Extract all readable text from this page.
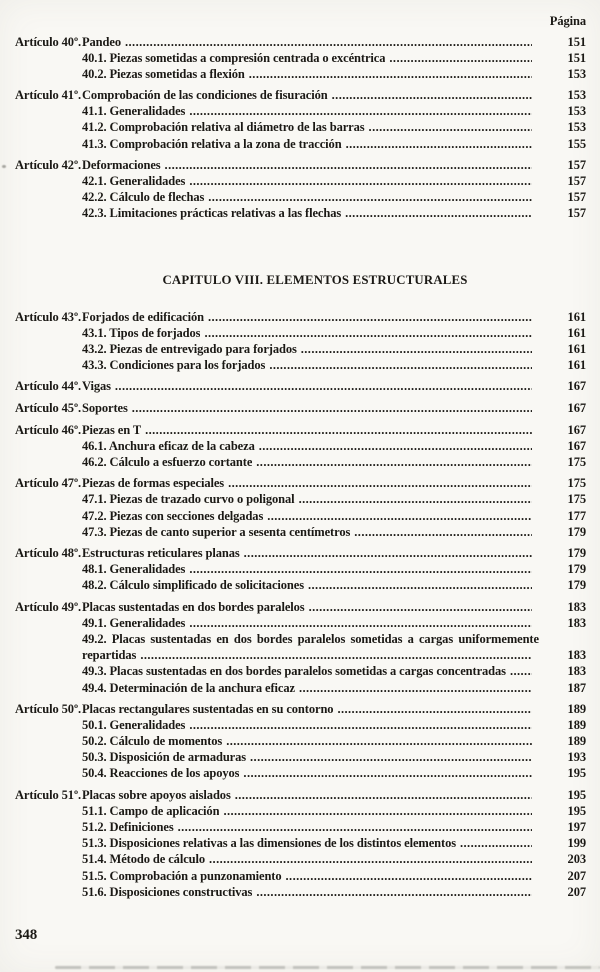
Página
Artículo 40º. Pandeo .....	151
40.1. Piezas sometidas a compresión centrada o excéntrica .....	151
40.2. Piezas sometidas a flexión .....	153
Artículo 41º. Comprobación de las condiciones de fisuración .....	153
41.1. Generalidades .....	153
41.2. Comprobación relativa al diámetro de las barras .....	153
41.3. Comprobación relativa a la zona de tracción .....	155
Artículo 42º. Deformaciones .....	157
42.1. Generalidades .....	157
42.2. Cálculo de flechas .....	157
42.3. Limitaciones prácticas relativas a las flechas .....	157
CAPITULO VIII. ELEMENTOS ESTRUCTURALES
Artículo 43º. Forjados de edificación .....	161
43.1. Tipos de forjados .....	161
43.2. Piezas de entrevigado para forjados .....	161
43.3. Condiciones para los forjados .....	161
Artículo 44º. Vigas .....	167
Artículo 45º. Soportes .....	167
Artículo 46º. Piezas en T .....	167
46.1. Anchura eficaz de la cabeza .....	167
46.2. Cálculo a esfuerzo cortante .....	175
Artículo 47º. Piezas de formas especiales .....	175
47.1. Piezas de trazado curvo o poligonal .....	175
47.2. Piezas con secciones delgadas .....	177
47.3. Piezas de canto superior a sesenta centímetros .....	179
Artículo 48º. Estructuras reticulares planas .....	179
48.1. Generalidades .....	179
48.2. Cálculo simplificado de solicitaciones .....	179
Artículo 49º. Placas sustentadas en dos bordes paralelos .....	183
49.1. Generalidades .....	183
49.2. Placas sustentadas en dos bordes paralelos sometidas a cargas uniformemente
repartidas .....	183
49.3. Placas sustentadas en dos bordes paralelos sometidas a cargas concentradas .....	183
49.4. Determinación de la anchura eficaz .....	187
Artículo 50º. Placas rectangulares sustentadas en su contorno .....	189
50.1. Generalidades .....	189
50.2. Cálculo de momentos .....	189
50.3. Disposición de armaduras .....	193
50.4. Reacciones de los apoyos .....	195
Artículo 51º. Placas sobre apoyos aislados .....	195
51.1. Campo de aplicación .....	195
51.2. Definiciones .....	197
51.3. Disposiciones relativas a las dimensiones de los distintos elementos .....	199
51.4. Método de cálculo .....	203
51.5. Comprobación a punzonamiento .....	207
51.6. Disposiciones constructivas .....	207
348
